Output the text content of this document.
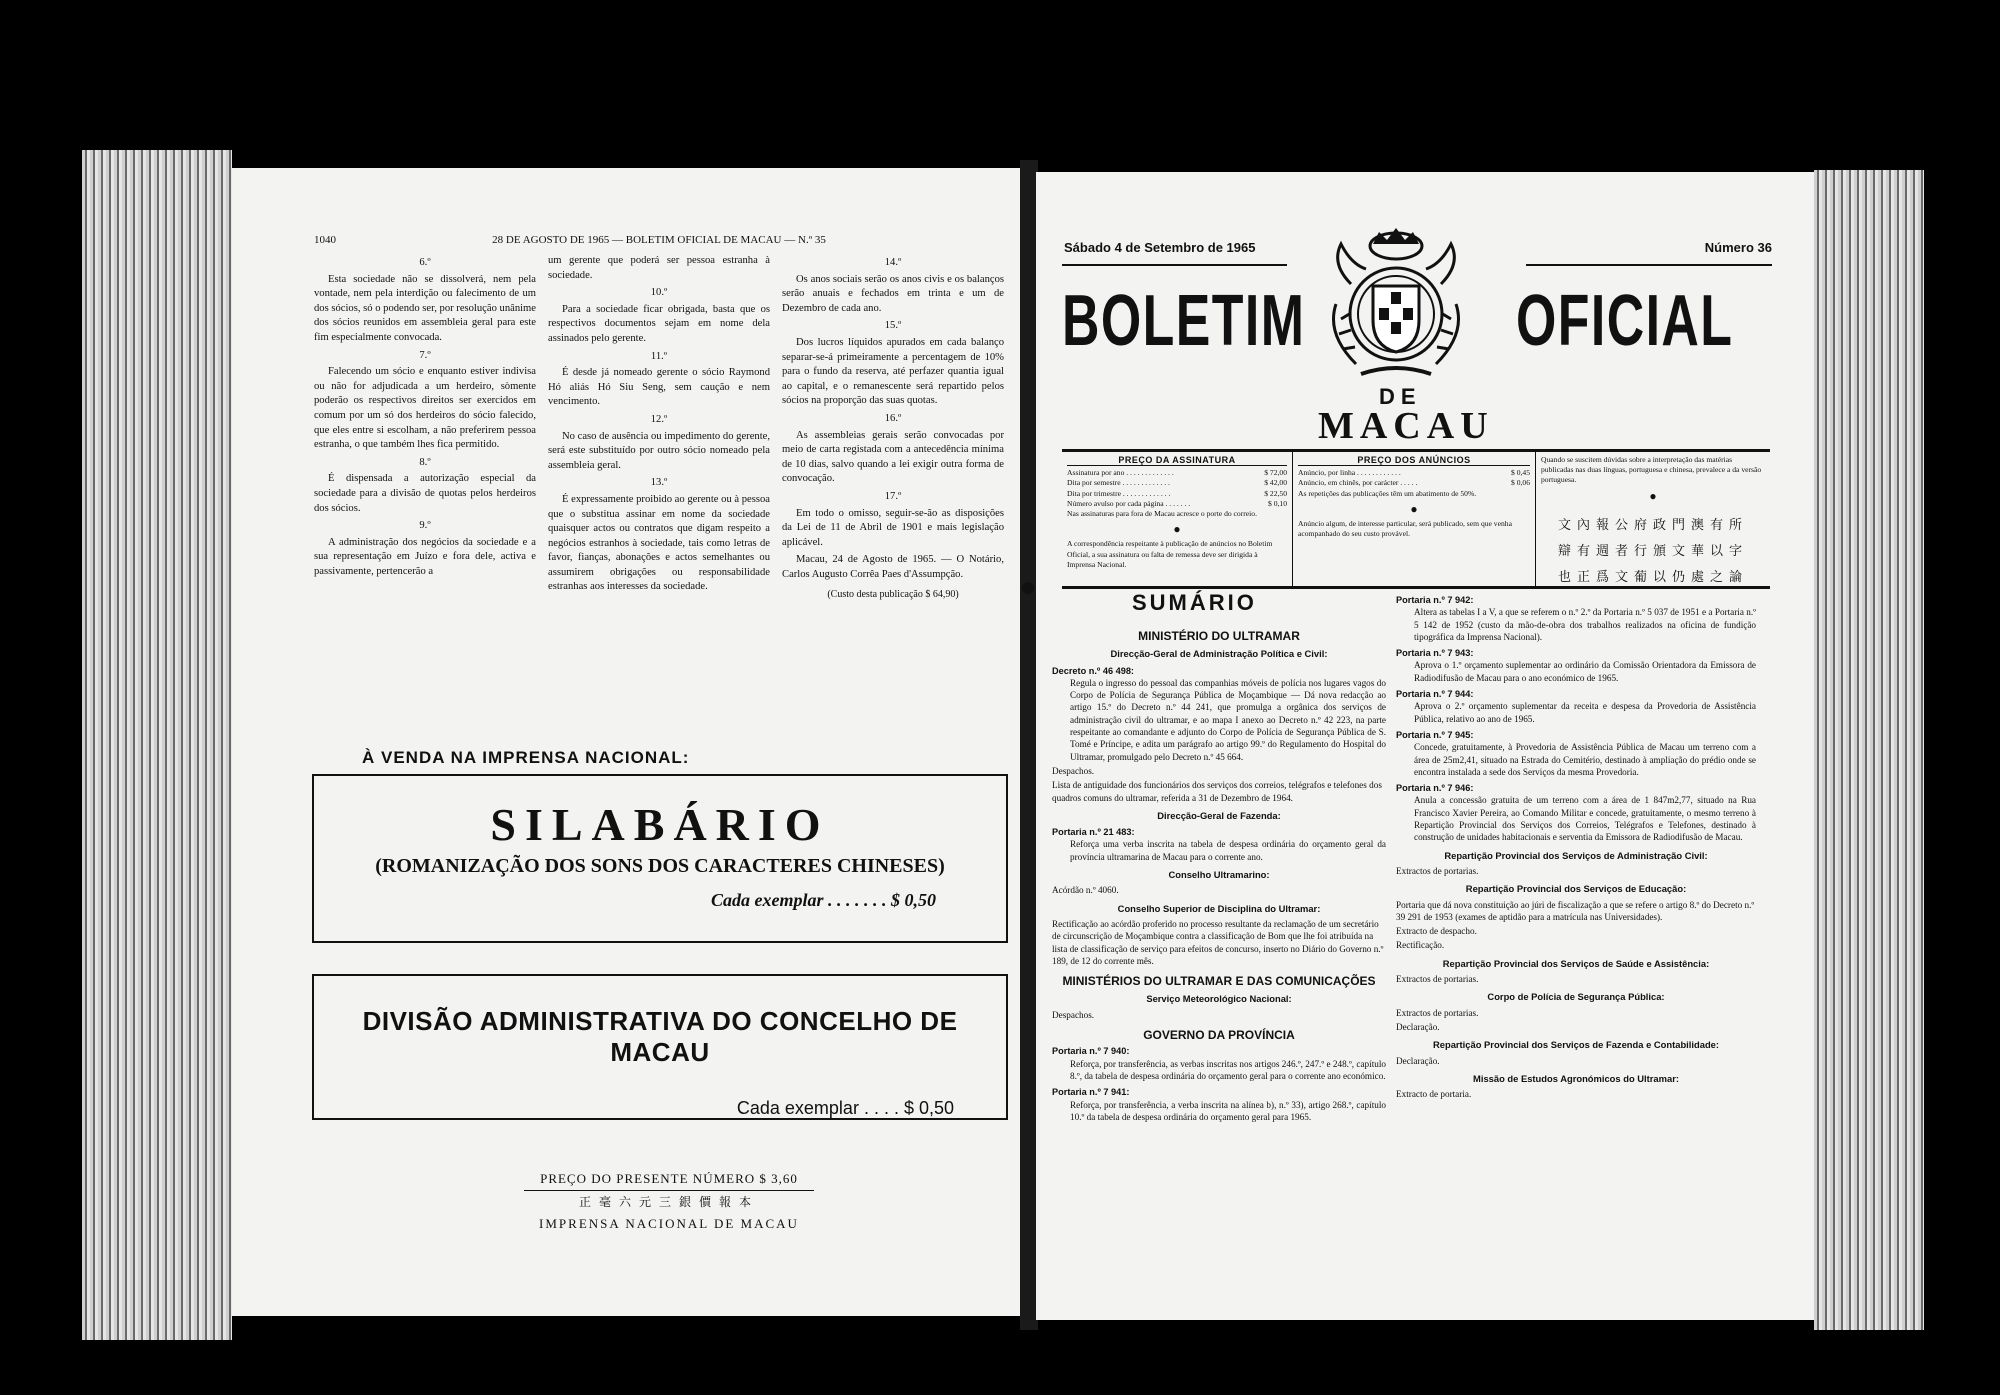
1040	28 DE AGOSTO DE 1965 — BOLETIM OFICIAL DE MACAU — N.º 35
6.º

Esta sociedade não se dissolverá, nem pela vontade, nem pela interdição ou falecimento de um dos sócios, só o podendo ser, por resolução unânime dos sócios reunidos em assembleia geral para este fim especialmente convocada.

7.º

Falecendo um sócio e enquanto estiver indivisa ou não for adjudicada a um herdeiro, sòmente poderão os respectivos direitos ser exercidos em comum por um só dos herdeiros do sócio falecido, que eles entre si escolham, a não preferirem pessoa estranha, o que também lhes fica permitido.

8.º

É dispensada a autorização especial da sociedade para a divisão de quotas pelos herdeiros dos sócios.

9.º

A administração dos negócios da sociedade e a sua representação em Juízo e fora dele, activa e passivamente, pertencerão a

um gerente que poderá ser pessoa estranha à sociedade.

10.º

Para a sociedade ficar obrigada, basta que os respectivos documentos sejam em nome dela assinados pelo gerente.

11.º

É desde já nomeado gerente o sócio Raymond Hó aliás Hó Siu Seng, sem caução e nem vencimento.

12.º

No caso de ausência ou impedimento do gerente, será este substituído por outro sócio nomeado pela assembleia geral.

13.º

É expressamente proibido ao gerente ou à pessoa que o substitua assinar em nome da sociedade quaisquer actos ou contratos que digam respeito a negócios estranhos à sociedade, tais como letras de favor, fianças, abonações e actos semelhantes ou assumirem obrigações ou responsabilidade estranhas aos interesses da sociedade.

14.º

Os anos sociais serão os anos civis e os balanços serão anuais e fechados em trinta e um de Dezembro de cada ano.

15.º

Dos lucros líquidos apurados em cada balanço separar-se-á primeiramente a percentagem de 10% para o fundo da reserva, até perfazer quantia igual ao capital, e o remanescente será repartido pelos sócios na proporção das suas quotas.

16.º

As assembleias gerais serão convocadas por meio de carta registada com a antecedência mínima de 10 dias, salvo quando a lei exigir outra forma de convocação.

17.º

Em todo o omisso, seguir-se-ão as disposições da Lei de 11 de Abril de 1901 e mais legislação aplicável.

Macau, 24 de Agosto de 1965. — O Notário, Carlos Augusto Corrêa Paes d'Assumpção.

(Custo desta publicação $ 64,90)
À VENDA NA IMPRENSA NACIONAL:
SILABÁRIO
(ROMANIZAÇÃO DOS SONS DOS CARACTERES CHINESES)
Cada exemplar . . . . . . . $ 0,50
DIVISÃO ADMINISTRATIVA DO CONCELHO DE MACAU
Cada exemplar . . . . $ 0,50
PREÇO DO PRESENTE NÚMERO $ 3,60
正毫六元三銀價報本
IMPRENSA NACIONAL DE MACAU
Sábado 4 de Setembro de 1965	Número 36
BOLETIM	OFICIAL
DE
MACAU
PREÇO DA ASSINATURA
Assinatura por ano . . . . . . . . . . . . .	$ 72,00
Dita por semestre . . . . . . . . . . . . .	$ 42,00
Dita por trimestre . . . . . . . . . . . . .	$ 22,50
Número avulso por cada página . . . . . . .	$ 0,10
Nas assinaturas para fora de Macau acresce o porte do correio.
●
A correspondência respeitante à publicação de anúncios no Boletim Oficial, a sua assinatura ou falta de remessa deve ser dirigida à Imprensa Nacional.
PREÇO DOS ANÚNCIOS
Anúncio, por linha . . . . . . . . . . . .	$ 0,45
Anúncio, em chinês, por carácter . . . . .	$ 0,06
As repetições das publicações têm um abatimento de 50%.
●
Anúncio algum, de interesse particular, será publicado, sem que venha acompanhado do seu custo provável.
Quando se suscitem dúvidas sobre a interpretação das matérias publicadas nas duas línguas, portuguesa e chinesa, prevalece a da versão portuguesa.
●
文內報公府政門澳有所
辯有週者行頒文華以字
也正爲文葡以仍處之論
SUMÁRIO
MINISTÉRIO DO ULTRAMAR
Direcção-Geral de Administração Política e Civil:
Decreto n.º 46 498:
Regula o ingresso do pessoal das companhias móveis de polícia nos lugares vagos do Corpo de Polícia de Segurança Pública de Moçambique — Dá nova redacção ao artigo 15.º do Decreto n.º 44 241, que promulga a orgânica dos serviços de administração civil do ultramar, e ao mapa I anexo ao Decreto n.º 42 223, na parte respeitante ao comandante e adjunto do Corpo de Polícia de Segurança Pública de S. Tomé e Príncipe, e adita um parágrafo ao artigo 99.º do Regulamento do Hospital do Ultramar, promulgado pelo Decreto n.º 45 664.
Despachos.
Lista de antiguidade dos funcionários dos serviços dos correios, telégrafos e telefones dos quadros comuns do ultramar, referida a 31 de Dezembro de 1964.
Direcção-Geral de Fazenda:
Portaria n.º 21 483:
Reforça uma verba inscrita na tabela de despesa ordinária do orçamento geral da província ultramarina de Macau para o corrente ano.
Conselho Ultramarino:
Acórdão n.º 4060.
Conselho Superior de Disciplina do Ultramar:
Rectificação ao acórdão proferido no processo resultante da reclamação de um secretário de circunscrição de Moçambique contra a classificação de Bom que lhe foi atribuída na lista de classificação de serviço para efeitos de concurso, inserto no Diário do Governo n.º 189, de 12 do corrente mês.
MINISTÉRIOS DO ULTRAMAR E DAS COMUNICAÇÕES
Serviço Meteorológico Nacional:
Despachos.
GOVERNO DA PROVÍNCIA
Portaria n.º 7 940:
Reforça, por transferência, as verbas inscritas nos artigos 246.º, 247.º e 248.º, capítulo 8.º, da tabela de despesa ordinária do orçamento geral para o corrente ano económico.
Portaria n.º 7 941:
Reforça, por transferência, a verba inscrita na alínea b), n.º 33), artigo 268.º, capítulo 10.º da tabela de despesa ordinária do orçamento geral para 1965.
Portaria n.º 7 942:
Altera as tabelas I a V, a que se referem o n.º 2.º da Portaria n.º 5 037 de 1951 e a Portaria n.º 5 142 de 1952 (custo da mão-de-obra dos trabalhos realizados na oficina de fundição tipográfica da Imprensa Nacional).
Portaria n.º 7 943:
Aprova o 1.º orçamento suplementar ao ordinário da Comissão Orientadora da Emissora de Radiodifusão de Macau para o ano económico de 1965.
Portaria n.º 7 944:
Aprova o 2.º orçamento suplementar da receita e despesa da Provedoria de Assistência Pública, relativo ao ano de 1965.
Portaria n.º 7 945:
Concede, gratuitamente, à Provedoria de Assistência Pública de Macau um terreno com a área de 25m2,41, situado na Estrada do Cemitério, destinado à ampliação do prédio onde se encontra instalada a sede dos Serviços da mesma Provedoria.
Portaria n.º 7 946:
Anula a concessão gratuita de um terreno com a área de 1 847m2,77, situado na Rua Francisco Xavier Pereira, ao Comando Militar e concede, gratuitamente, o mesmo terreno à Repartição Provincial dos Serviços dos Correios, Telégrafos e Telefones, destinado à construção de unidades habitacionais e serventia da Emissora de Radiodifusão de Macau.
Repartição Provincial dos Serviços de Administração Civil:
Extractos de portarias.
Repartição Provincial dos Serviços de Educação:
Portaria que dá nova constituição ao júri de fiscalização a que se refere o artigo 8.º do Decreto n.º 39 291 de 1953 (exames de aptidão para a matrícula nas Universidades).
Extracto de despacho.
Rectificação.
Repartição Provincial dos Serviços de Saúde e Assistência:
Extractos de portarias.
Corpo de Polícia de Segurança Pública:
Extractos de portarias.
Declaração.
Repartição Provincial dos Serviços de Fazenda e Contabilidade:
Declaração.
Missão de Estudos Agronómicos do Ultramar:
Extracto de portaria.
